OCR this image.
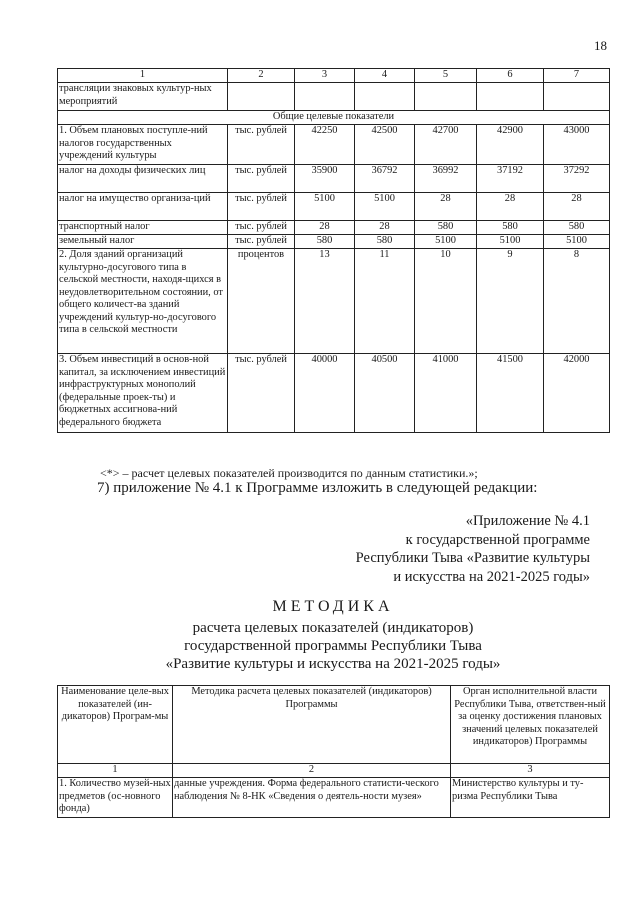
18
1	2	3	4	5	6	7
трансляции знаковых культур-ных мероприятий						
Общие целевые показатели						
1. Объем плановых поступле-ний налогов государственных учреждений культуры	тыс. рублей	42250	42500	42700	42900	43000
налог на доходы физических лиц	тыс. рублей	35900	36792	36992	37192	37292
налог на имущество организа-ций	тыс. рублей	5100	5100	28	28	28
транспортный налог	тыс. рублей	28	28	580	580	580
земельный налог	тыс. рублей	580	580	5100	5100	5100
2. Доля зданий организаций культурно-досугового типа в сельской местности, находя-щихся в неудовлетворительном состоянии, от общего количест-ва зданий учреждений культур-но-досугового типа в сельской местности	процентов	13	11	10	9	8
3. Объем инвестиций в основ-ной капитал, за исключением инвестиций инфраструктурных монополий (федеральные проек-ты) и бюджетных ассигнова-ний федерального бюджета	тыс. рублей	40000	40500	41000	41500	42000
<*> – расчет целевых показателей производится по данным статистики.»;
7) приложение № 4.1 к Программе изложить в следующей редакции:
«Приложение № 4.1
к государственной программе
Республики Тыва «Развитие культуры
и искусства на 2021-2025 годы»
МЕТОДИКА
расчета целевых показателей (индикаторов)
государственной программы Республики Тыва
«Развитие культуры и искусства на 2021-2025 годы»
Наименование целе-вых показателей (ин-дикаторов) Програм-мы	Методика расчета целевых показателей (индикаторов) Программы	Орган исполнительной власти Республики Тыва, ответствен-ный за оценку достижения плановых значений целевых показателей индикаторов) Программы
1	2	3
1. Количество музей-ных предметов (ос-новного фонда)	данные учреждения. Форма федерального статисти-ческого наблюдения № 8-НК «Сведения о деятель-ности музея»	Министерство культуры и ту-ризма Республики Тыва
